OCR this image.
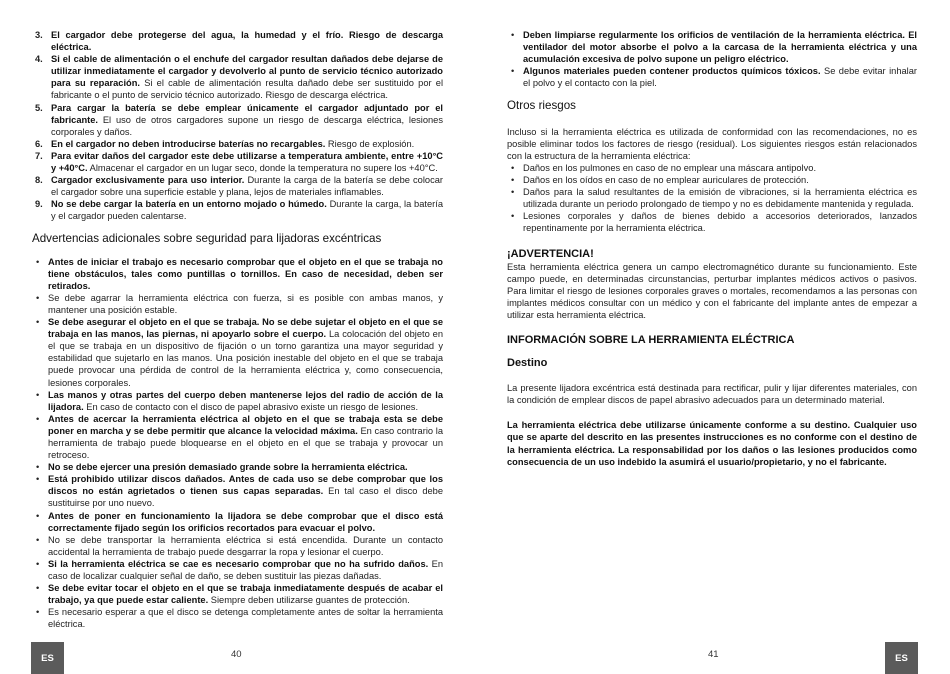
3. El cargador debe protegerse del agua, la humedad y el frío. Riesgo de descarga eléctrica.
4. Si el cable de alimentación o el enchufe del cargador resultan dañados debe dejarse de utilizar inmediatamente el cargador y devolverlo al punto de servicio técnico autorizado para su reparación. Si el cable de alimentación resulta dañado debe ser sustituido por el fabricante o el punto de servicio técnico autorizado. Riesgo de descarga eléctrica.
5. Para cargar la batería se debe emplear únicamente el cargador adjuntado por el fabricante. El uso de otros cargadores supone un riesgo de descarga eléctrica, lesiones corporales y daños.
6. En el cargador no deben introducirse baterías no recargables. Riesgo de explosión.
7. Para evitar daños del cargador este debe utilizarse a temperatura ambiente, entre +10°C y +40°C. Almacenar el cargador en un lugar seco, donde la temperatura no supere los +40°C.
8. Cargador exclusivamente para uso interior. Durante la carga de la batería se debe colocar el cargador sobre una superficie estable y plana, lejos de materiales inflamables.
9. No se debe cargar la batería en un entorno mojado o húmedo. Durante la carga, la batería y el cargador pueden calentarse.
Advertencias adicionales sobre seguridad para lijadoras excéntricas
• Antes de iniciar el trabajo es necesario comprobar que el objeto en el que se trabaja no tiene obstáculos, tales como puntillas o tornillos. En caso de necesidad, deben ser retirados.
• Se debe agarrar la herramienta eléctrica con fuerza, si es posible con ambas manos, y mantener una posición estable.
• Se debe asegurar el objeto en el que se trabaja. No se debe sujetar el objeto en el que se trabaja en las manos, las piernas, ni apoyarlo sobre el cuerpo. La colocación del objeto en el que se trabaja en un dispositivo de fijación o un torno garantiza una mayor seguridad y estabilidad que sujetarlo en las manos. Una posición inestable del objeto en el que se trabaja puede provocar una pérdida de control de la herramienta eléctrica y, como consecuencia, lesiones corporales.
• Las manos y otras partes del cuerpo deben mantenerse lejos del radio de acción de la lijadora. En caso de contacto con el disco de papel abrasivo existe un riesgo de lesiones.
• Antes de acercar la herramienta eléctrica al objeto en el que se trabaja esta se debe poner en marcha y se debe permitir que alcance la velocidad máxima. En caso contrario la herramienta de trabajo puede bloquearse en el objeto en el que se trabaja y provocar un retroceso.
• No se debe ejercer una presión demasiado grande sobre la herramienta eléctrica.
• Está prohibido utilizar discos dañados. Antes de cada uso se debe comprobar que los discos no están agrietados o tienen sus capas separadas. En tal caso el disco debe sustituirse por uno nuevo.
• Antes de poner en funcionamiento la lijadora se debe comprobar que el disco está correctamente fijado según los orificios recortados para evacuar el polvo.
• No se debe transportar la herramienta eléctrica si está encendida. Durante un contacto accidental la herramienta de trabajo puede desgarrar la ropa y lesionar el cuerpo.
• Si la herramienta eléctrica se cae es necesario comprobar que no ha sufrido daños. En caso de localizar cualquier señal de daño, se deben sustituir las piezas dañadas.
• Se debe evitar tocar el objeto en el que se trabaja inmediatamente después de acabar el trabajo, ya que puede estar caliente. Siempre deben utilizarse guantes de protección.
• Es necesario esperar a que el disco se detenga completamente antes de soltar la herramienta eléctrica.
• Deben limpiarse regularmente los orificios de ventilación de la herramienta eléctrica. El ventilador del motor absorbe el polvo a la carcasa de la herramienta eléctrica y una acumulación excesiva de polvo supone un peligro eléctrico.
• Algunos materiales pueden contener productos químicos tóxicos. Se debe evitar inhalar el polvo y el contacto con la piel.
Otros riesgos

Incluso si la herramienta eléctrica es utilizada de conformidad con las recomendaciones, no es posible eliminar todos los factores de riesgo (residual). Los siguientes riesgos están relacionados con la estructura de la herramienta eléctrica:

• Daños en los pulmones en caso de no emplear una máscara antipolvo.
• Daños en los oídos en caso de no emplear auriculares de protección.
• Daños para la salud resultantes de la emisión de vibraciones, si la herramienta eléctrica es utilizada durante un periodo prolongado de tiempo y no es debidamente mantenida y regulada.
• Lesiones corporales y daños de bienes debido a accesorios deteriorados, lanzados repentinamente por la herramienta eléctrica.
¡ADVERTENCIA!

Esta herramienta eléctrica genera un campo electromagnético durante su funcionamiento. Este campo puede, en determinadas circunstancias, perturbar implantes médicos activos o pasivos. Para limitar el riesgo de lesiones corporales graves o mortales, recomendamos a las personas con implantes médicos consultar con un médico y con el fabricante del implante antes de empezar a utilizar esta herramienta eléctrica.

INFORMACIÓN SOBRE LA HERRAMIENTA ELÉCTRICA
Destino

La presente lijadora excéntrica está destinada para rectificar, pulir y lijar diferentes materiales, con la condición de emplear discos de papel abrasivo adecuados para un determinado material.

La herramienta eléctrica debe utilizarse únicamente conforme a su destino. Cualquier uso que se aparte del descrito en las presentes instrucciones es no conforme con el destino de la herramienta eléctrica. La responsabilidad por los daños o las lesiones producidos como consecuencia de un uso indebido la asumirá el usuario/propietario, y no el fabricante.

ES	40	41	ES
